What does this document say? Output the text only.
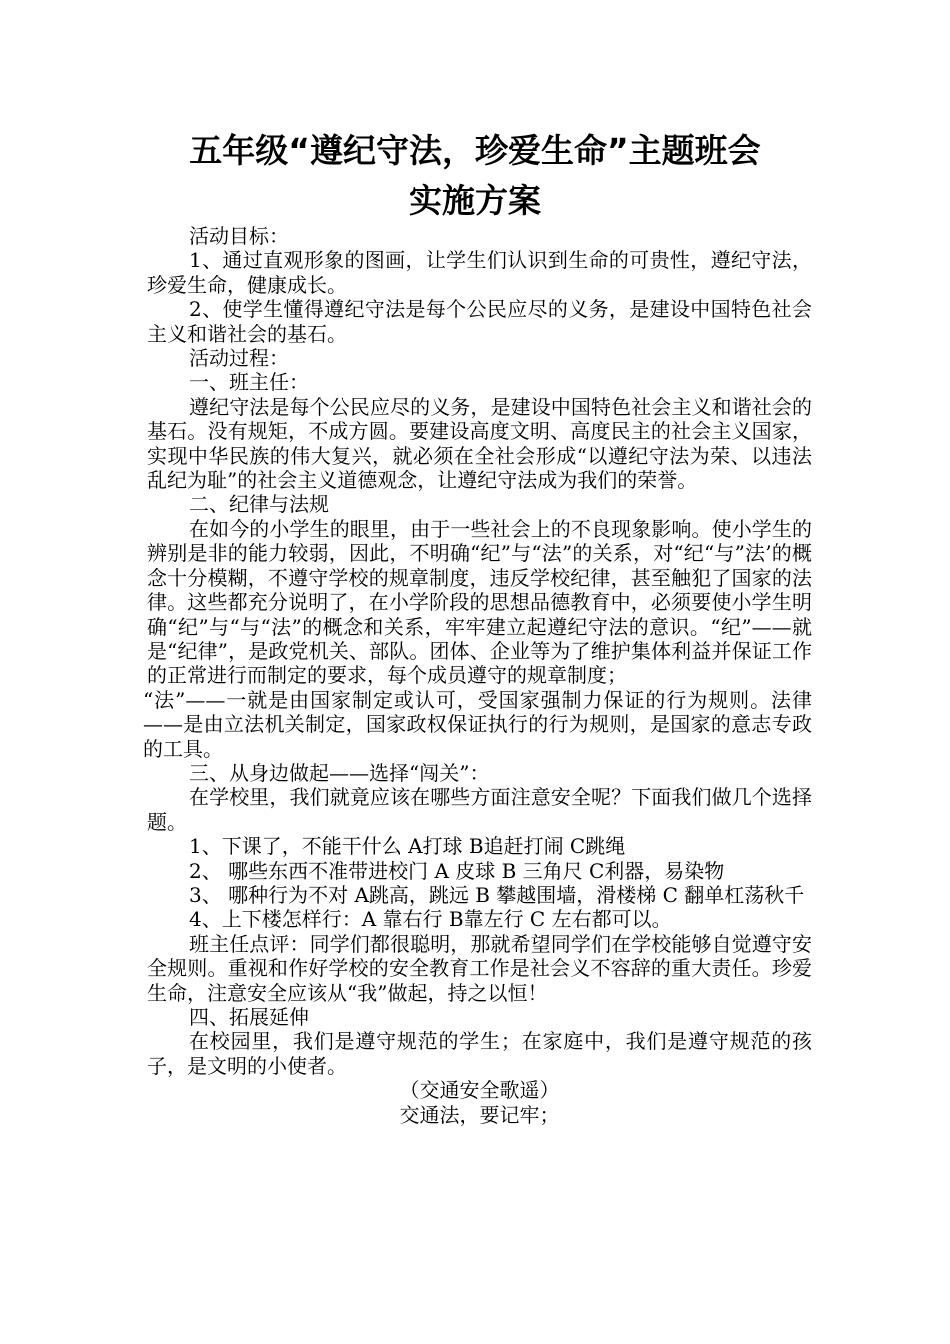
五年级“遵纪守法，珍爱生命”主题班会
实施方案

活动目标：

1、通过直观形象的图画，让学生们认识到生命的可贵性，遵纪守法，珍爱生命，健康成长。

2、使学生懂得遵纪守法是每个公民应尽的义务，是建设中国特色社会主义和谐社会的基石。

活动过程：

一、班主任：

遵纪守法是每个公民应尽的义务，是建设中国特色社会主义和谐社会的基石。没有规矩，不成方圆。要建设高度文明、高度民主的社会主义国家，实现中华民族的伟大复兴，就必须在全社会形成“以遵纪守法为荣、以违法乱纪为耻”的社会主义道德观念，让遵纪守法成为我们的荣誉。

二、纪律与法规

在如今的小学生的眼里，由于一些社会上的不良现象影响。使小学生的辨别是非的能力较弱，因此，不明确“纪”与“法”的关系，对“纪“与”法’的概念十分模糊，不遵守学校的规章制度，违反学校纪律，甚至触犯了国家的法律。这些都充分说明了，在小学阶段的思想品德教育中，必须要使小学生明确“纪”与“与“法”的概念和关系，牢牢建立起遵纪守法的意识。“纪”——就是“纪律”，是政党机关、部队。团体、企业等为了维护集体利益并保证工作的正常进行而制定的要求，每个成员遵守的规章制度；

“法”——一就是由国家制定或认可，受国家强制力保证的行为规则。法律——是由立法机关制定，国家政权保证执行的行为规则，是国家的意志专政的工具。

三、从身边做起——选择“闯关”：

在学校里，我们就竟应该在哪些方面注意安全呢？下面我们做几个选择题。

1、下课了，不能干什么 A打球 B追赶打闹 C跳绳

2、 哪些东西不准带进校门 A 皮球 B 三角尺 C利器，易染物

3、 哪种行为不对 A跳高，跳远 B 攀越围墙，滑楼梯 C 翻单杠荡秋千

4、上下楼怎样行：A 靠右行 B靠左行 C 左右都可以。

班主任点评：同学们都很聪明，那就希望同学们在学校能够自觉遵守安全规则。重视和作好学校的安全教育工作是社会义不容辞的重大责任。珍爱生命，注意安全应该从“我”做起，持之以恒！

四、拓展延伸

在校园里，我们是遵守规范的学生；在家庭中，我们是遵守规范的孩子，是文明的小使者。

（交通安全歌遥）

交通法，要记牢；
